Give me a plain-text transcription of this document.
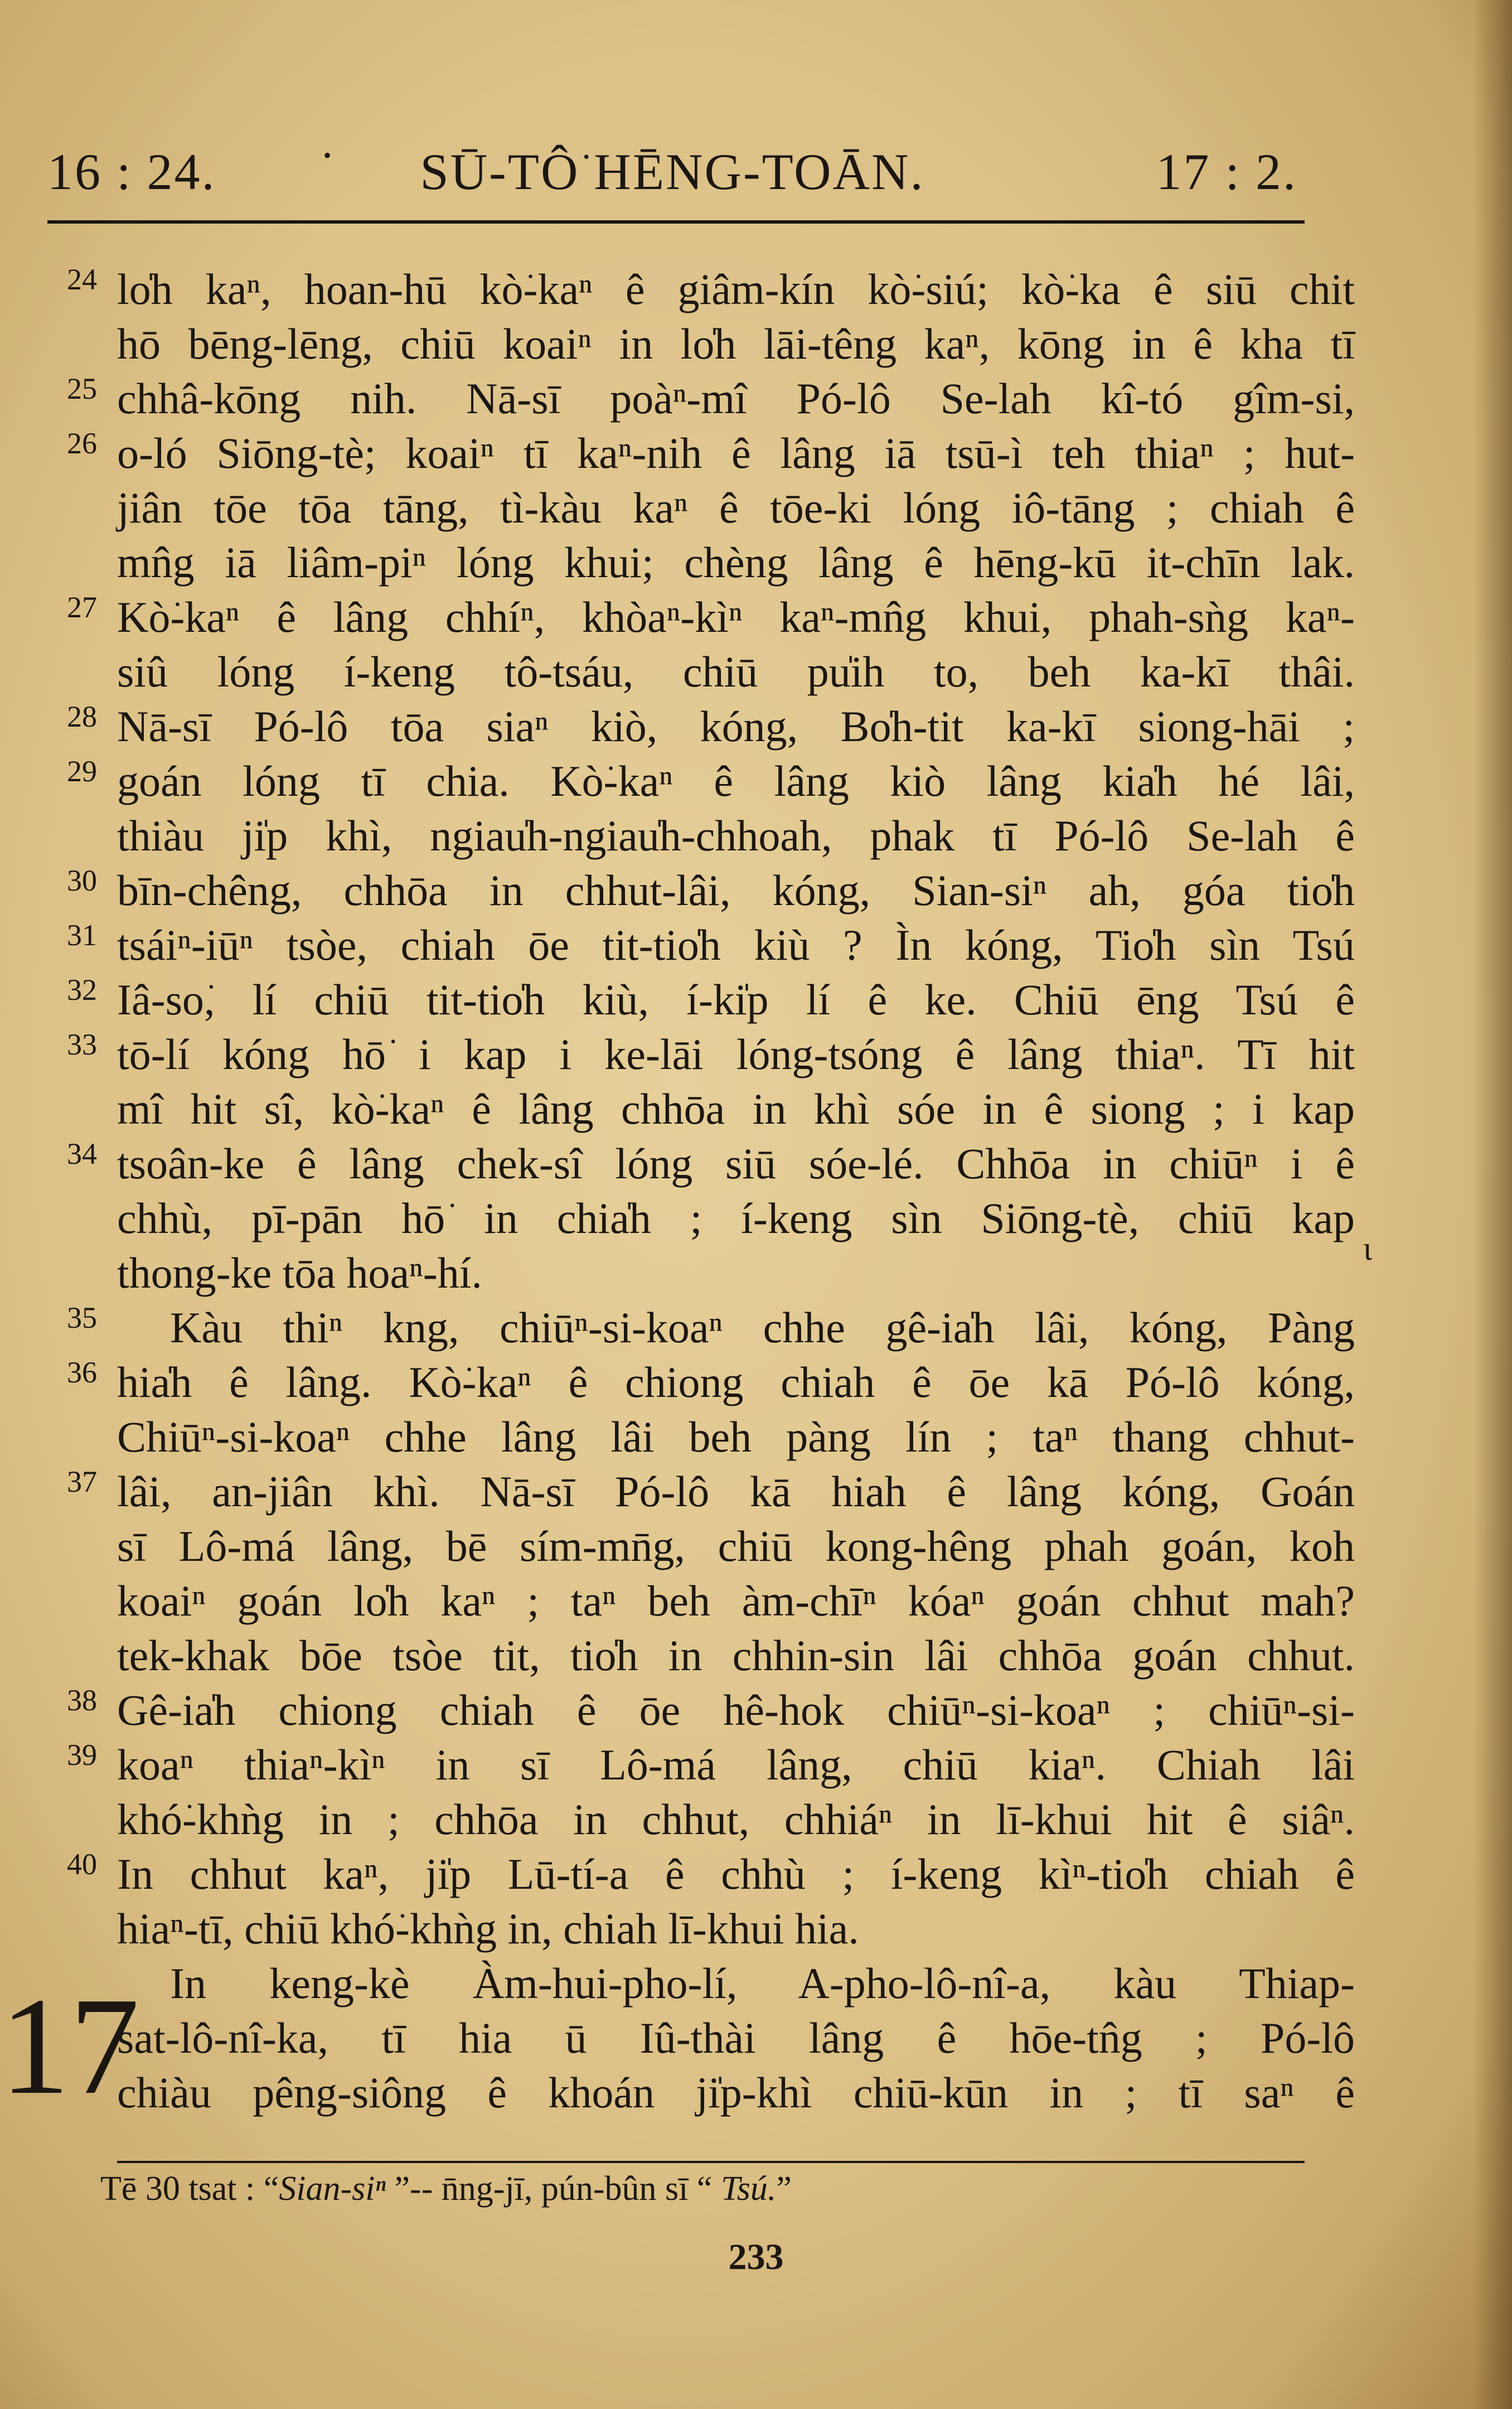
•
16 : 24.	SŪ-TÔ͘ HĒNG-TOĀN.	17 : 2.
24 lo̍h kaⁿ, hoan-hū kò͘-kaⁿ ê giâm-kín kò͘-siú; kò͘-ka ê siū chit
hō bēng-lēng, chiū koaiⁿ in lo̍h lāi-têng kaⁿ, kōng in ê kha tī
25 chhâ-kōng nih. Nā-sī poàⁿ-mî Pó-lô Se-lah kî-tó gîm-si,
26 o-ló Siōng-tè; koaiⁿ tī kaⁿ-nih ê lâng iā tsū-ì teh thiaⁿ ; hut-
jiân tōe tōa tāng, tì-kàu kaⁿ ê tōe-ki lóng iô-tāng ; chiah ê
mn̂g iā liâm-piⁿ lóng khui; chèng lâng ê hēng-kū it-chīn lak.
27 Kò͘-kaⁿ ê lâng chhíⁿ, khòaⁿ-kìⁿ kaⁿ-mn̂g khui, phah-sǹg kaⁿ-
siû lóng í-keng tô-tsáu, chiū pu̍ih to, beh ka-kī thâi.
28 Nā-sī Pó-lô tōa siaⁿ kiò, kóng, Bo̍h-tit ka-kī siong-hāi ;
29 goán lóng tī chia. Kò͘-kaⁿ ê lâng kiò lâng kia̍h hé lâi,
thiàu ji̍p khì, ngiau̍h-ngiau̍h-chhoah, phak tī Pó-lô Se-lah ê
30 bīn-chêng, chhōa in chhut-lâi, kóng, Sian-siⁿ ah, góa tio̍h
31 tsáiⁿ-iūⁿ tsòe, chiah ōe tit-tio̍h kiù ? Ìn kóng, Tio̍h sìn Tsú
32 Iâ-so͘, lí chiū tit-tio̍h kiù, í-ki̍p lí ê ke. Chiū ēng Tsú ê
33 tō-lí kóng hō͘ i kap i ke-lāi lóng-tsóng ê lâng thiaⁿ. Tī hit
mî hit sî, kò͘-kaⁿ ê lâng chhōa in khì sóe in ê siong ; i kap
34 tsoân-ke ê lâng chek-sî lóng siū sóe-lé. Chhōa in chiūⁿ i ê
chhù, pī-pān hō͘ in chia̍h ; í-keng sìn Siōng-tè, chiū kap
thong-ke tōa hoaⁿ-hí.
35 Kàu thiⁿ kng, chiūⁿ-si-koaⁿ chhe gê-ia̍h lâi, kóng, Pàng
36 hia̍h ê lâng. Kò͘-kaⁿ ê chiong chiah ê ōe kā Pó-lô kóng,
Chiūⁿ-si-koaⁿ chhe lâng lâi beh pàng lín ; taⁿ thang chhut-
37 lâi, an-jiân khì. Nā-sī Pó-lô kā hiah ê lâng kóng, Goán
sī Lô-má lâng, bē sím-mn̄g, chiū kong-hêng phah goán, koh
koaiⁿ goán lo̍h kaⁿ ; taⁿ beh àm-chīⁿ kóaⁿ goán chhut mah?
tek-khak bōe tsòe tit, tio̍h in chhin-sin lâi chhōa goán chhut.
38 Gê-ia̍h chiong chiah ê ōe hê-hok chiūⁿ-si-koaⁿ ; chiūⁿ-si-
39 koaⁿ thiaⁿ-kìⁿ in sī Lô-má lâng, chiū kiaⁿ. Chiah lâi
khó͘-khǹg in ; chhōa in chhut, chhiáⁿ in lī-khui hit ê siâⁿ.
40 In chhut kaⁿ, ji̍p Lū-tí-a ê chhù ; í-keng kìⁿ-tio̍h chiah ê
hiaⁿ-tī, chiū khó͘-khǹg in, chiah lī-khui hia.
In keng-kè Àm-hui-pho-lí, A-pho-lô-nî-a, kàu Thiap-
sat-lô-nî-ka, tī hia ū Iû-thài lâng ê hōe-tn̂g ; Pó-lô
chiàu pêng-siông ê khoán ji̍p-khì chiū-kūn in ; tī saⁿ ê
17
ɩ
Tē 30 tsat : “Sian-siⁿ ”-- n̄ng-jī, pún-bûn sī “ Tsú.”
233
